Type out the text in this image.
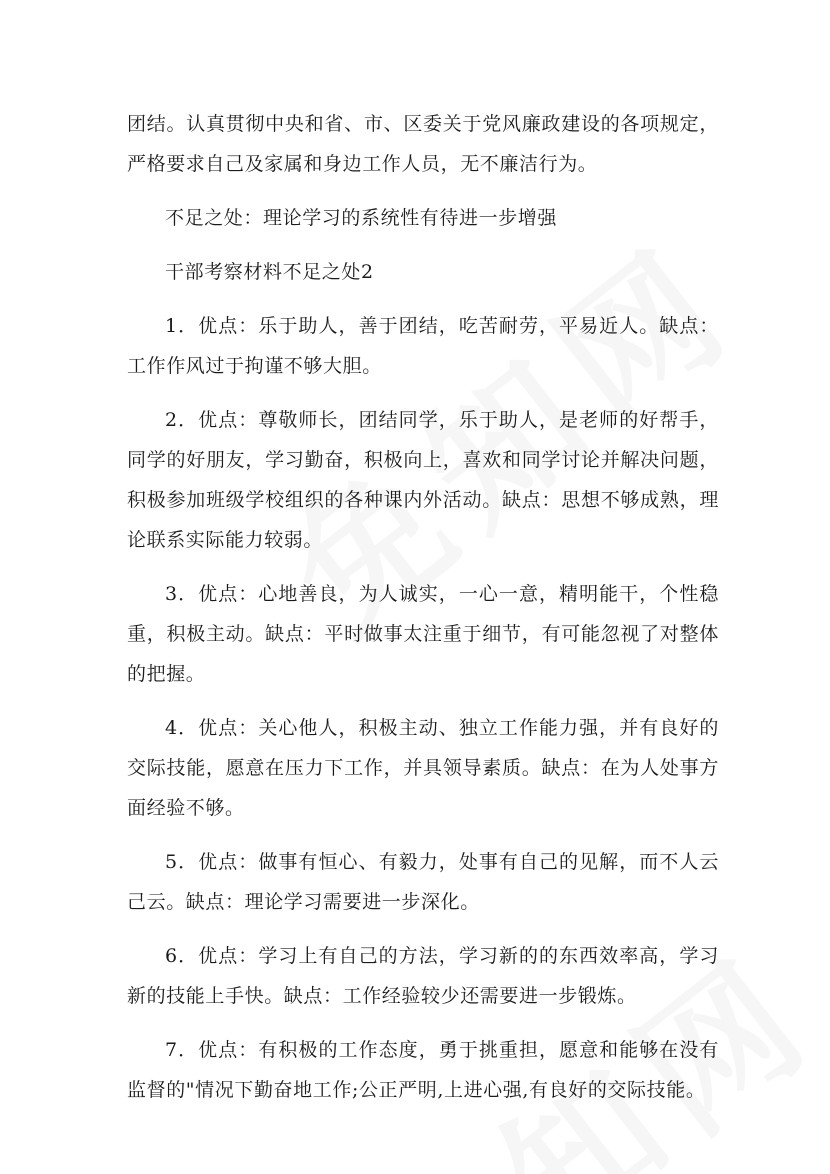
团结。认真贯彻中央和省、市、区委关于党风廉政建设的各项规定，严格要求自己及家属和身边工作人员，无不廉洁行为。

不足之处：理论学习的系统性有待进一步增强

干部考察材料不足之处2

1．优点：乐于助人，善于团结，吃苦耐劳，平易近人。缺点：工作作风过于拘谨不够大胆。

2．优点：尊敬师长，团结同学，乐于助人，是老师的好帮手，同学的好朋友，学习勤奋，积极向上，喜欢和同学讨论并解决问题，积极参加班级学校组织的各种课内外活动。缺点：思想不够成熟，理论联系实际能力较弱。

3．优点：心地善良，为人诚实，一心一意，精明能干，个性稳重，积极主动。缺点：平时做事太注重于细节，有可能忽视了对整体的把握。

4．优点：关心他人，积极主动、独立工作能力强，并有良好的交际技能，愿意在压力下工作，并具领导素质。缺点：在为人处事方面经验不够。

5．优点：做事有恒心、有毅力，处事有自己的见解，而不人云己云。缺点：理论学习需要进一步深化。

6．优点：学习上有自己的方法，学习新的的东西效率高，学习新的技能上手快。缺点：工作经验较少还需要进一步锻炼。

7．优点：有积极的工作态度，勇于挑重担，愿意和能够在没有监督的"情况下勤奋地工作;公正严明,上进心强,有良好的交际技能。
